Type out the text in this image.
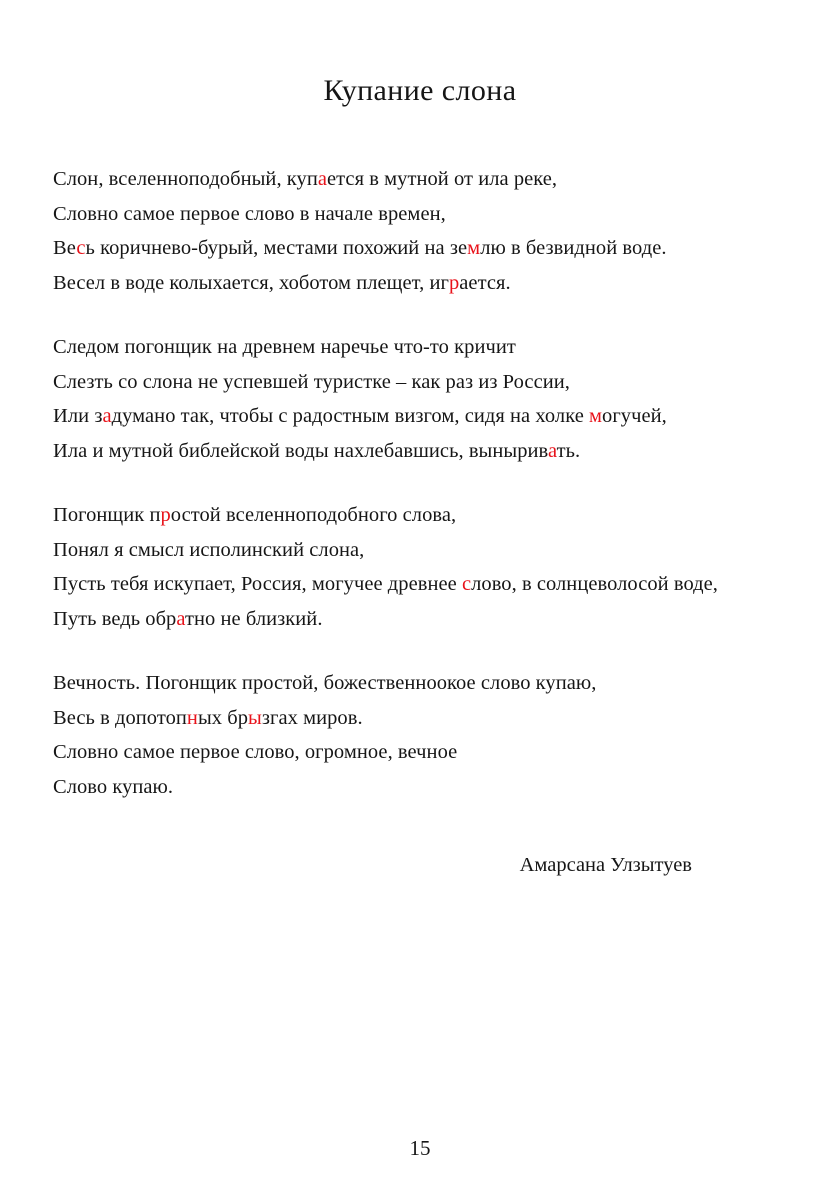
Купание слона
Слон, вселенноподобный, купается в мутной от ила реке,
Словно самое первое слово в начале времен,
Весь коричнево-бурый, местами похожий на землю в безвидной воде.
Весел в воде колыхается, хоботом плещет, играется.
Следом погонщик на древнем наречье что-то кричит
Слезть со слона не успевшей туристке – как раз из России,
Или задумано так, чтобы с радостным визгом, сидя на холке могучей,
Ила и мутной библейской воды нахлебавшись, выныривать.
Погонщик простой вселенноподобного слова,
Понял я смысл исполинский слона,
Пусть тебя искупает, Россия, могучее древнее слово, в солнцеволосой воде,
Путь ведь обратно не близкий.
Вечность. Погонщик простой, божественноокое слово купаю,
Весь в допотопных брызгах миров.
Словно самое первое слово, огромное, вечное
Слово купаю.
Амарсана Улзытуев
15
